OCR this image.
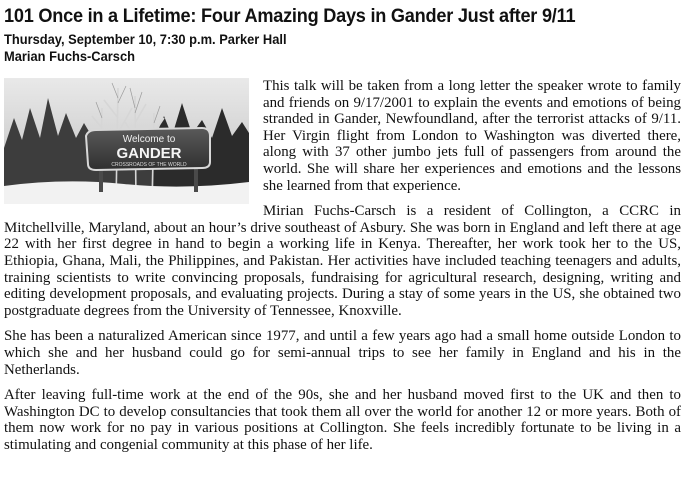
101 Once in a Lifetime: Four Amazing Days in Gander Just after 9/11
Thursday, September 10, 7:30 p.m. Parker Hall
Marian Fuchs-Carsch
Welcome to
GANDER
CROSSROADS OF THE WORLD

This talk will be taken from a long letter the speaker wrote to family and friends on 9/17/2001 to explain the events and emotions of being stranded in Gander, Newfoundland, after the terrorist attacks of 9/11. Her Virgin flight from London to Washington was diverted there, along with 37 other jumbo jets full of passengers from around the world. She will share her experiences and emotions and the lessons she learned from that experience.

Mirian Fuchs-Carsch is a resident of Collington, a CCRC in Mitchellville, Maryland, about an hour’s drive southeast of Asbury. She was born in England and left there at age 22 with her first degree in hand to begin a working life in Kenya. Thereafter, her work took her to the US, Ethiopia, Ghana, Mali, the Philippines, and Pakistan. Her activities have included teaching teenagers and adults, training scientists to write convincing proposals, fundraising for agricultural research, designing, writing and editing development proposals, and evaluating projects. During a stay of some years in the US, she obtained two postgraduate degrees from the University of Tennessee, Knoxville.

She has been a naturalized American since 1977, and until a few years ago had a small home outside London to which she and her husband could go for semi-annual trips to see her family in England and his in the Netherlands.

After leaving full-time work at the end of the 90s, she and her husband moved first to the UK and then to Washington DC to develop consultancies that took them all over the world for another 12 or more years. Both of them now work for no pay in various positions at Collington. She feels incredibly fortunate to be living in a stimulating and congenial community at this phase of her life.
